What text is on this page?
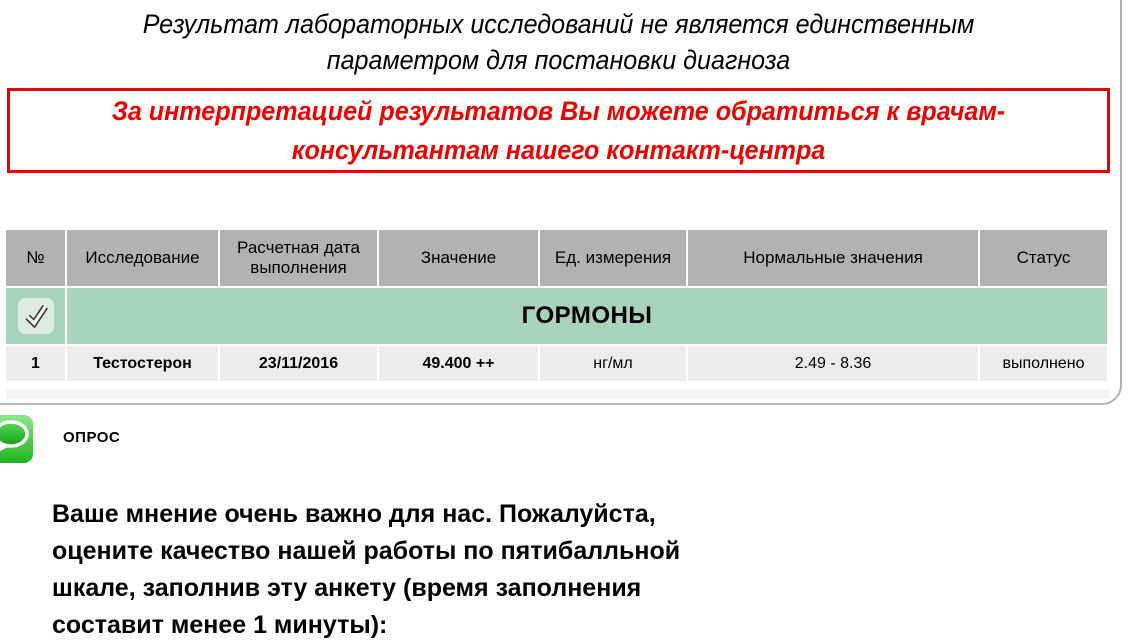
Результат лабораторных исследований не является единственным
параметром для постановки диагноза
За интерпретацией результатов Вы можете обратиться к врачам-
консультантам нашего контакт-центра
№	Исследование	Расчетная дата выполнения	Значение	Ед. измерения	Нормальные значения	Статус

	ГОРМОНЫ					
1	Тестостерон	23/11/2016	49.400 ++	нг/мл	2.49 - 8.36	выполнено
ОПРОС
Ваше мнение очень важно для нас. Пожалуйста,
оцените качество нашей работы по пятибалльной
шкале, заполнив эту анкету (время заполнения
составит менее 1 минуты):
